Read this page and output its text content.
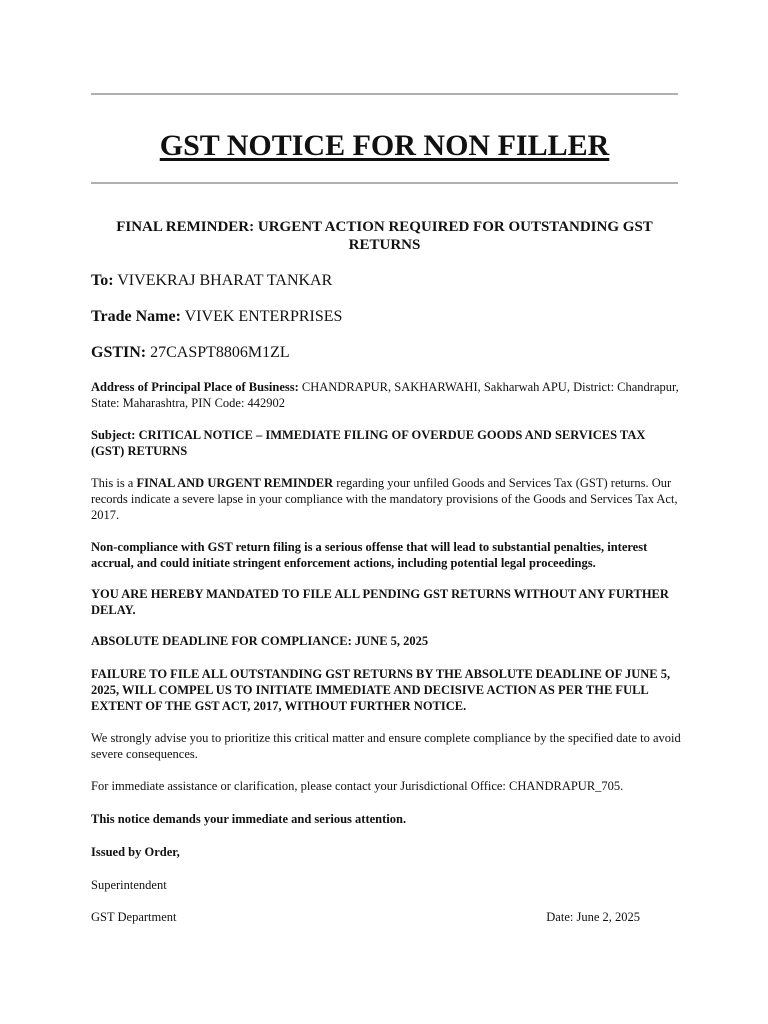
GST NOTICE FOR NON FILLER
FINAL REMINDER: URGENT ACTION REQUIRED FOR OUTSTANDING GST RETURNS
To: VIVEKRAJ BHARAT TANKAR
Trade Name: VIVEK ENTERPRISES
GSTIN: 27CASPT8806M1ZL
Address of Principal Place of Business: CHANDRAPUR, SAKHARWAHI, Sakharwah APU, District: Chandrapur, State: Maharashtra, PIN Code: 442902
Subject: CRITICAL NOTICE – IMMEDIATE FILING OF OVERDUE GOODS AND SERVICES TAX (GST) RETURNS
This is a FINAL AND URGENT REMINDER regarding your unfiled Goods and Services Tax (GST) returns. Our records indicate a severe lapse in your compliance with the mandatory provisions of the Goods and Services Tax Act, 2017.
Non-compliance with GST return filing is a serious offense that will lead to substantial penalties, interest accrual, and could initiate stringent enforcement actions, including potential legal proceedings.
YOU ARE HEREBY MANDATED TO FILE ALL PENDING GST RETURNS WITHOUT ANY FURTHER DELAY.
ABSOLUTE DEADLINE FOR COMPLIANCE: JUNE 5, 2025
FAILURE TO FILE ALL OUTSTANDING GST RETURNS BY THE ABSOLUTE DEADLINE OF JUNE 5, 2025, WILL COMPEL US TO INITIATE IMMEDIATE AND DECISIVE ACTION AS PER THE FULL EXTENT OF THE GST ACT, 2017, WITHOUT FURTHER NOTICE.
We strongly advise you to prioritize this critical matter and ensure complete compliance by the specified date to avoid severe consequences.
For immediate assistance or clarification, please contact your Jurisdictional Office: CHANDRAPUR_705.
This notice demands your immediate and serious attention.
Issued by Order,
Superintendent
GST Department	Date: June 2, 2025
